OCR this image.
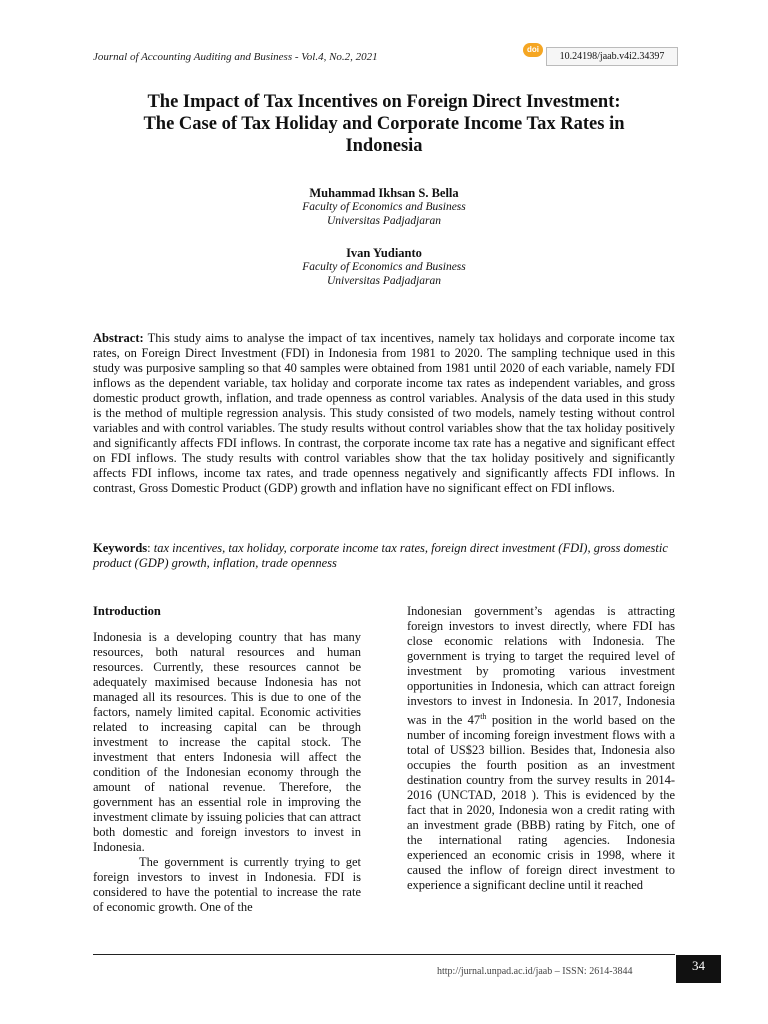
Journal of Accounting Auditing and Business - Vol.4, No.2, 2021
doi
10.24198/jaab.v4i2.34397
The Impact of Tax Incentives on Foreign Direct Investment:
The Case of Tax Holiday and Corporate Income Tax Rates in
Indonesia
Muhammad Ikhsan S. Bella
Faculty of Economics and Business
Universitas Padjadjaran
Ivan Yudianto
Faculty of Economics and Business
Universitas Padjadjaran

Abstract: This study aims to analyse the impact of tax incentives, namely tax holidays and corporate income tax rates, on Foreign Direct Investment (FDI) in Indonesia from 1981 to 2020. The sampling technique used in this study was purposive sampling so that 40 samples were obtained from 1981 until 2020 of each variable, namely FDI inflows as the dependent variable, tax holiday and corporate income tax rates as independent variables, and gross domestic product growth, inflation, and trade openness as control variables. Analysis of the data used in this study is the method of multiple regression analysis. This study consisted of two models, namely testing without control variables and with control variables. The study results without control variables show that the tax holiday positively and significantly affects FDI inflows. In contrast, the corporate income tax rate has a negative and significant effect on FDI inflows. The study results with control variables show that the tax holiday positively and significantly affects FDI inflows, income tax rates, and trade openness negatively and significantly affects FDI inflows. In contrast, Gross Domestic Product (GDP) growth and inflation have no significant effect on FDI inflows.

Keywords: tax incentives, tax holiday, corporate income tax rates, foreign direct investment (FDI), gross domestic product (GDP) growth, inflation, trade openness

Introduction

Indonesia is a developing country that has many resources, both natural resources and human resources. Currently, these resources cannot be adequately maximised because Indonesia has not managed all its resources. This is due to one of the factors, namely limited capital. Economic activities related to increasing capital can be through investment to increase the capital stock. The investment that enters Indonesia will affect the condition of the Indonesian economy through the amount of national revenue. Therefore, the government has an essential role in improving the investment climate by issuing policies that can attract both domestic and foreign investors to invest in Indonesia.

The government is currently trying to get foreign investors to invest in Indonesia. FDI is considered to have the potential to increase the rate of economic growth. One of the

Indonesian government’s agendas is attracting foreign investors to invest directly, where FDI has close economic relations with Indonesia. The government is trying to target the required level of investment by promoting various investment opportunities in Indonesia, which can attract foreign investors to invest in Indonesia. In 2017, Indonesia was in the 47th position in the world based on the number of incoming foreign investment flows with a total of US$23 billion. Besides that, Indonesia also occupies the fourth position as an investment destination country from the survey results in 2014-2016 (UNCTAD, 2018 ). This is evidenced by the fact that in 2020, Indonesia won a credit rating with an investment grade (BBB) rating by Fitch, one of the international rating agencies. Indonesia experienced an economic crisis in 1998, where it caused the inflow of foreign direct investment to experience a significant decline until it reached

http://jurnal.unpad.ac.id/jaab – ISSN: 2614-3844	34
